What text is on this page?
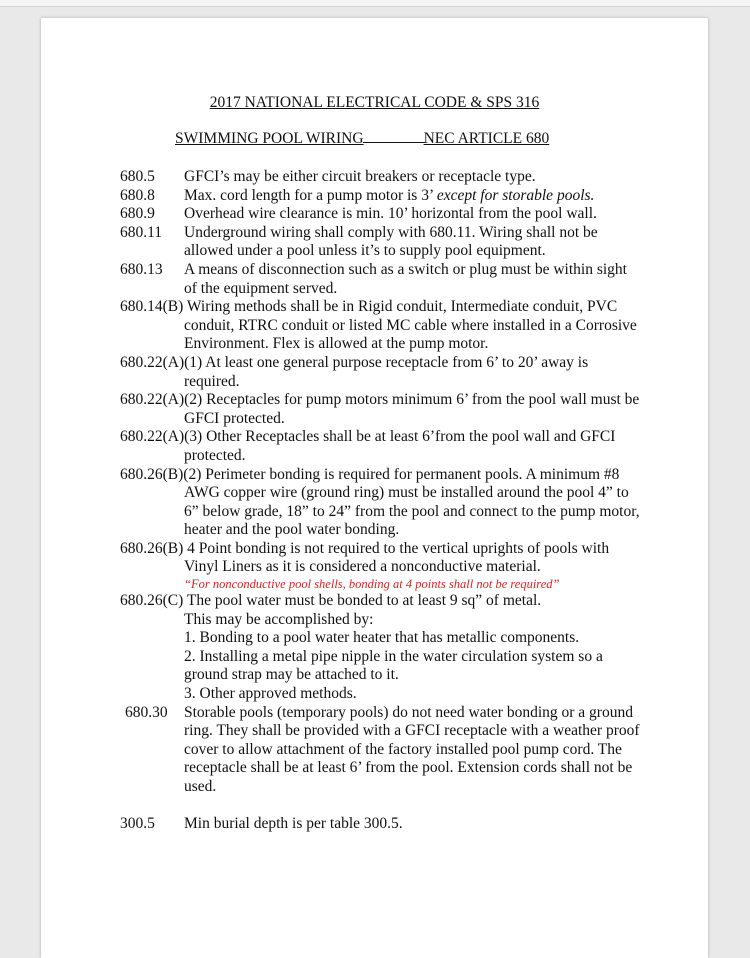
2017 NATIONAL ELECTRICAL CODE & SPS 316
SWIMMING POOL WIRING	NEC ARTICLE 680
680.5 GFCI’s may be either circuit breakers or receptacle type.
680.8 Max. cord length for a pump motor is 3’ except for storable pools.
680.9 Overhead wire clearance is min. 10’ horizontal from the pool wall.
680.11 Underground wiring shall comply with 680.11. Wiring shall not be allowed under a pool unless it’s to supply pool equipment.
680.13 A means of disconnection such as a switch or plug must be within sight of the equipment served.
680.14(B) Wiring methods shall be in Rigid conduit, Intermediate conduit, PVC conduit, RTRC conduit or listed MC cable where installed in a Corrosive Environment. Flex is allowed at the pump motor.
680.22(A)(1) At least one general purpose receptacle from 6’ to 20’ away is required.
680.22(A)(2) Receptacles for pump motors minimum 6’ from the pool wall must be GFCI protected.
680.22(A)(3) Other Receptacles shall be at least 6’from the pool wall and GFCI protected.
680.26(B)(2) Perimeter bonding is required for permanent pools. A minimum #8 AWG copper wire (ground ring) must be installed around the pool 4” to 6” below grade, 18” to 24” from the pool and connect to the pump motor, heater and the pool water bonding.
680.26(B) 4 Point bonding is not required to the vertical uprights of pools with Vinyl Liners as it is considered a nonconductive material.
“For nonconductive pool shells, bonding at 4 points shall not be required”
680.26(C) The pool water must be bonded to at least 9 sq” of metal.
This may be accomplished by:
1. Bonding to a pool water heater that has metallic components.
2. Installing a metal pipe nipple in the water circulation system so a ground strap may be attached to it.
3. Other approved methods.
680.30 Storable pools (temporary pools) do not need water bonding or a ground ring. They shall be provided with a GFCI receptacle with a weather proof cover to allow attachment of the factory installed pool pump cord. The receptacle shall be at least 6’ from the pool. Extension cords shall not be used.
300.5 Min burial depth is per table 300.5.
